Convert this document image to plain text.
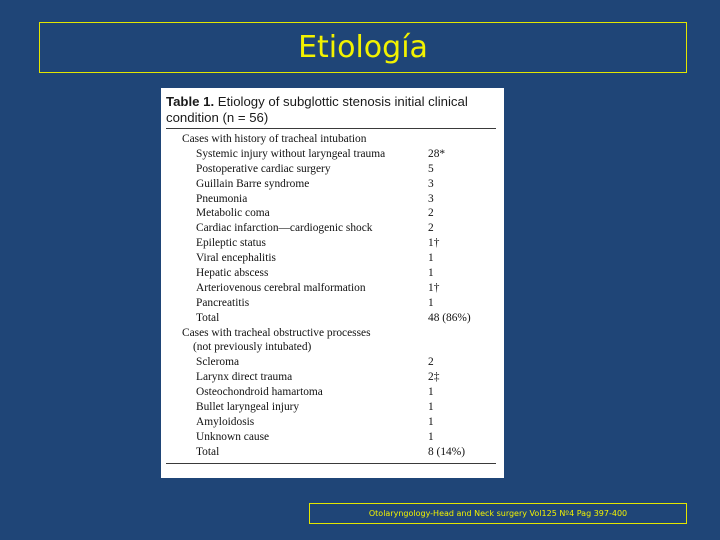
Etiología
Table 1. Etiology of subglottic stenosis initial clinical condition (n = 56)
Cases with history of tracheal intubation
Systemic injury without laryngeal trauma	28*
Postoperative cardiac surgery	5
Guillain Barre syndrome	3
Pneumonia	3
Metabolic coma	2
Cardiac infarction—cardiogenic shock	2
Epileptic status	1†
Viral encephalitis	1
Hepatic abscess	1
Arteriovenous cerebral malformation	1†
Pancreatitis	1
Total	48 (86%)
Cases with tracheal obstructive processes
(not previously intubated)
Scleroma	2
Larynx direct trauma	2‡
Osteochondroid hamartoma	1
Bullet laryngeal injury	1
Amyloidosis	1
Unknown cause	1
Total	8 (14%)
Otolaryngology-Head and Neck surgery Vol125 Nº4 Pag 397-400
